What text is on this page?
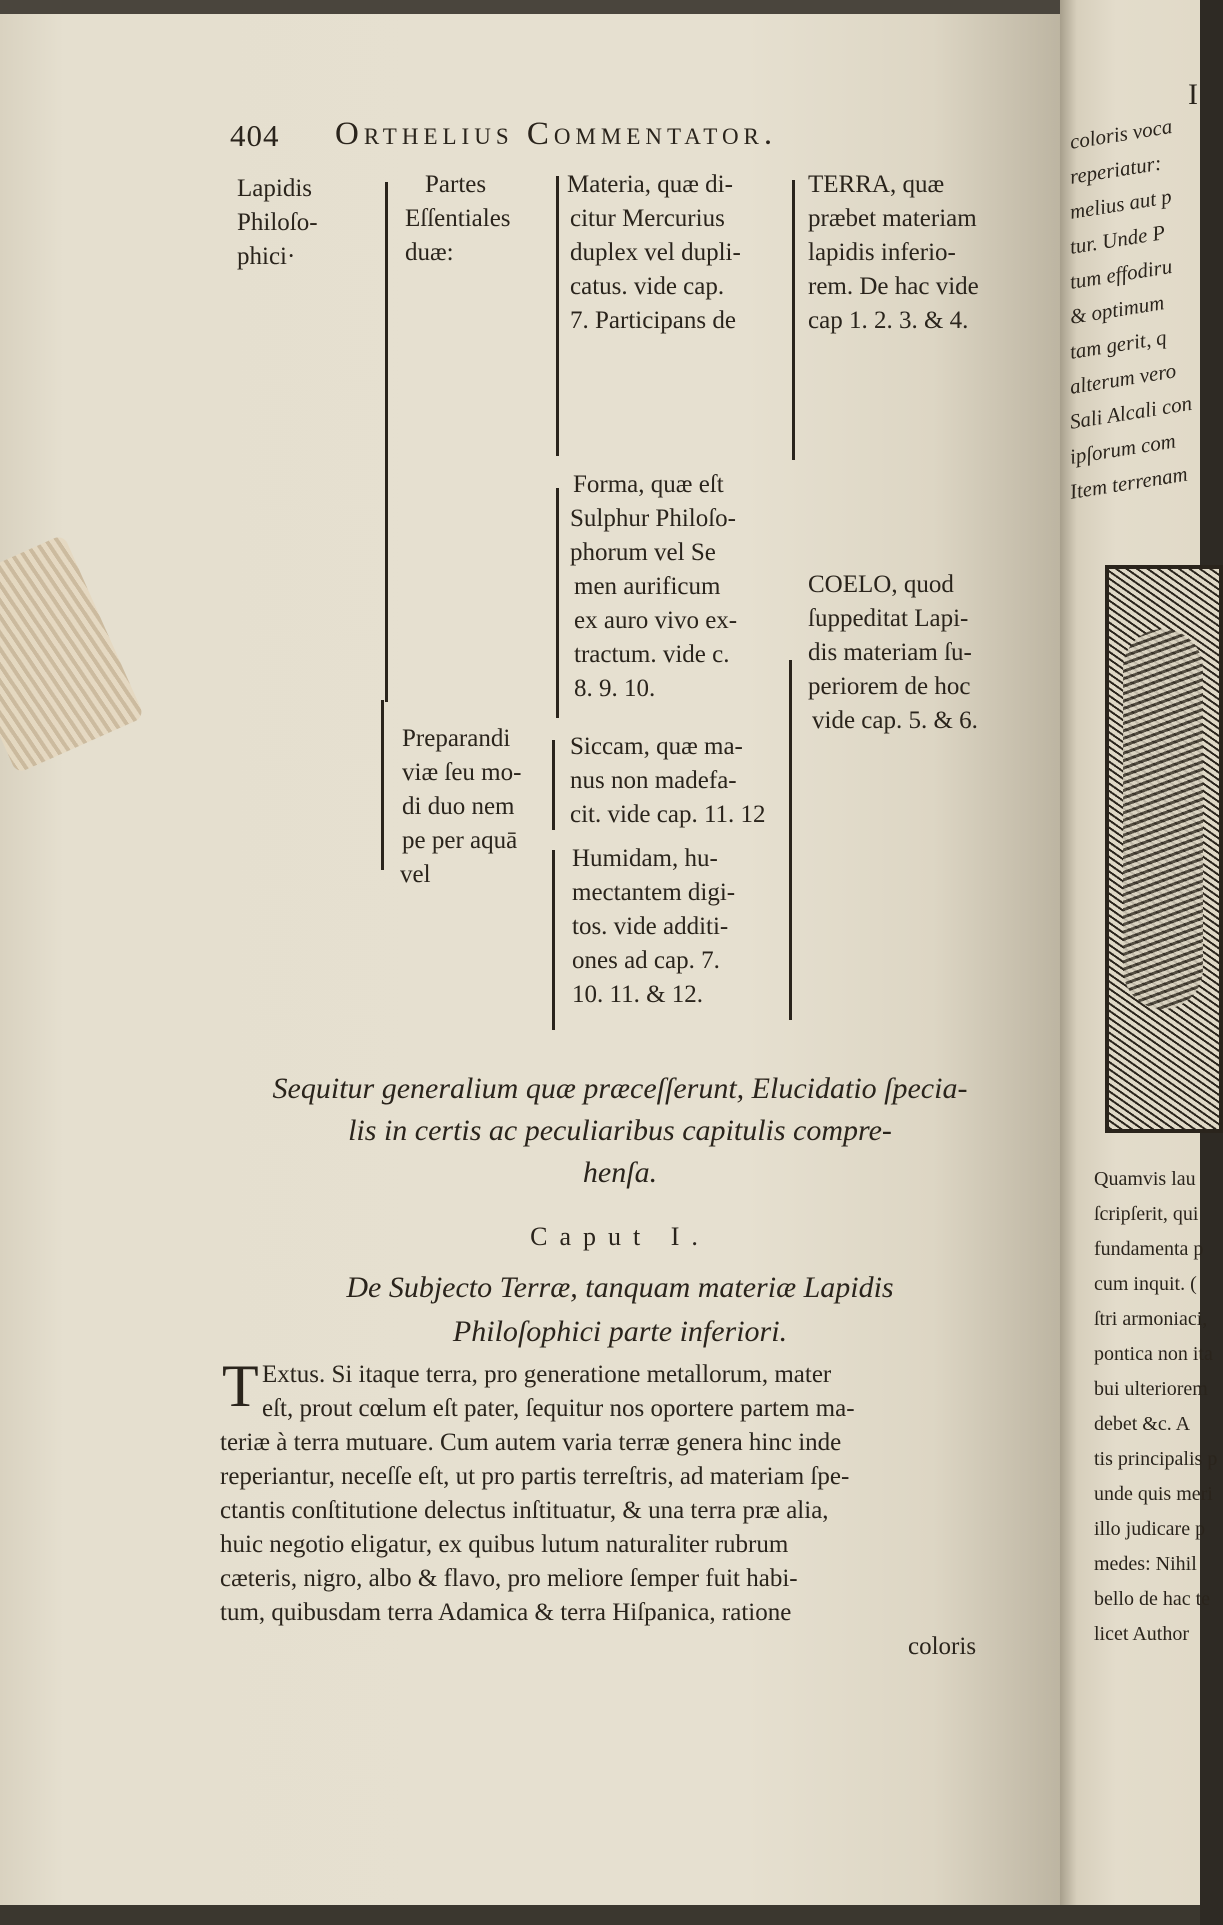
I
coloris voca
reperiatur:
melius aut p
tur. Unde P
tum effodiru
& optimum
tam gerit, q
alterum vero
Sali Alcali con
ipſorum com
Item terrenam
Quamvis lau
ſcripſerit, qui
fundamenta p
cum inquit. (
ſtri armoniaci,
pontica non ita
bui ulteriorem
debet &c. A
tis principalis p
unde quis meri
illo judicare p
medes: Nihil
bello de hac te
licet Author
404 Orthelius Commentator.
Lapidis
Philoſo-
phici·
Partes
Eſſentiales
duæ:
Preparandi
viæ ſeu mo-
di duo nem
pe per aquā
vel
Materia, quæ di-
citur Mercurius
duplex vel dupli-
catus. vide cap.
7. Participans de
Forma, quæ eſt
Sulphur Philoſo-
phorum vel Se
men aurificum
ex auro vivo ex-
tractum. vide c.
8. 9. 10.
Siccam, quæ ma-
nus non madefa-
cit. vide cap. 11. 12
Humidam, hu-
mectantem digi-
tos. vide additi-
ones ad cap. 7.
10. 11. & 12.
TERRA, quæ
præbet materiam
lapidis inferio-
rem. De hac vide
cap 1. 2. 3. & 4.
COELO, quod
ſuppeditat Lapi-
dis materiam ſu-
periorem de hoc
vide cap. 5. & 6.
Sequitur generalium quæ præceſſerunt, Elucidatio ſpecia-
lis in certis ac peculiaribus capitulis compre-
henſa.
Caput I.
De Subjecto Terræ, tanquam materiæ Lapidis
Philoſophici parte inferiori.
T Extus. Si itaque terra, pro generatione metallorum, mater
eſt, prout cœlum eſt pater, ſequitur nos oportere partem ma-
teriæ à terra mutuare. Cum autem varia terræ genera hinc inde
reperiantur, neceſſe eſt, ut pro partis terreſtris, ad materiam ſpe-
ctantis conſtitutione delectus inſtituatur, & una terra præ alia,
huic negotio eligatur, ex quibus lutum naturaliter rubrum
cæteris, nigro, albo & flavo, pro meliore ſemper fuit habi-
tum, quibusdam terra Adamica & terra Hiſpanica, ratione
coloris
